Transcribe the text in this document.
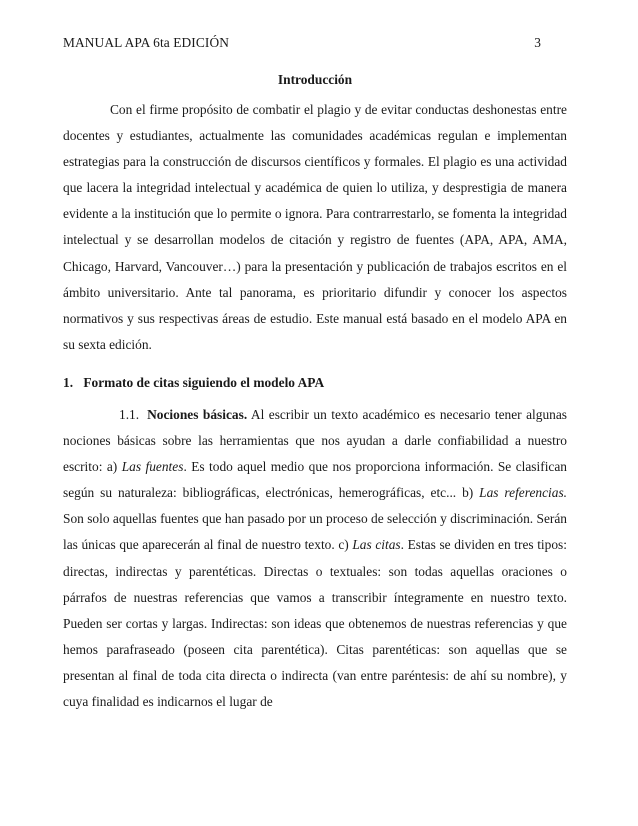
MANUAL APA 6ta EDICIÓN	3
Introducción

Con el firme propósito de combatir el plagio y de evitar conductas deshonestas entre docentes y estudiantes, actualmente las comunidades académicas regulan e implementan estrategias para la construcción de discursos científicos y formales. El plagio es una actividad que lacera la integridad intelectual y académica de quien lo utiliza, y desprestigia de manera evidente a la institución que lo permite o ignora. Para contrarrestarlo, se fomenta la integridad intelectual y se desarrollan modelos de citación y registro de fuentes (APA, APA, AMA, Chicago, Harvard, Vancouver…) para la presentación y publicación de trabajos escritos en el ámbito universitario. Ante tal panorama, es prioritario difundir y conocer los aspectos normativos y sus respectivas áreas de estudio. Este manual está basado en el modelo APA en su sexta edición.

1. Formato de citas siguiendo el modelo APA

1.1. Nociones básicas. Al escribir un texto académico es necesario tener algunas nociones básicas sobre las herramientas que nos ayudan a darle confiabilidad a nuestro escrito: a) Las fuentes. Es todo aquel medio que nos proporciona información. Se clasifican según su naturaleza: bibliográficas, electrónicas, hemerográficas, etc... b) Las referencias. Son solo aquellas fuentes que han pasado por un proceso de selección y discriminación. Serán las únicas que aparecerán al final de nuestro texto. c) Las citas. Estas se dividen en tres tipos: directas, indirectas y parentéticas. Directas o textuales: son todas aquellas oraciones o párrafos de nuestras referencias que vamos a transcribir íntegramente en nuestro texto. Pueden ser cortas y largas. Indirectas: son ideas que obtenemos de nuestras referencias y que hemos parafraseado (poseen cita parentética). Citas parentéticas: son aquellas que se presentan al final de toda cita directa o indirecta (van entre paréntesis: de ahí su nombre), y cuya finalidad es indicarnos el lugar de
